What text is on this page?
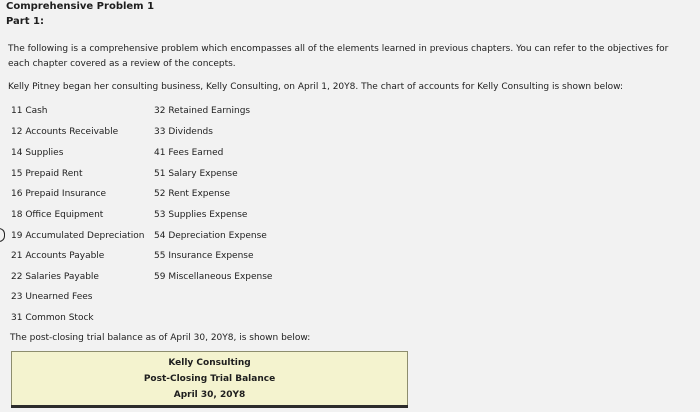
Comprehensive Problem 1
Part 1:
The following is a comprehensive problem which encompasses all of the elements learned in previous chapters. You can refer to the objectives for each chapter covered as a review of the concepts.
Kelly Pitney began her consulting business, Kelly Consulting, on April 1, 20Y8. The chart of accounts for Kelly Consulting is shown below:
11 Cash
12 Accounts Receivable
14 Supplies
15 Prepaid Rent
16 Prepaid Insurance
18 Office Equipment
19 Accumulated Depreciation
21 Accounts Payable
22 Salaries Payable
23 Unearned Fees
31 Common Stock
32 Retained Earnings
33 Dividends
41 Fees Earned
51 Salary Expense
52 Rent Expense
53 Supplies Expense
54 Depreciation Expense
55 Insurance Expense
59 Miscellaneous Expense
The post-closing trial balance as of April 30, 20Y8, is shown below:
Kelly Consulting
Post-Closing Trial Balance
April 30, 20Y8
